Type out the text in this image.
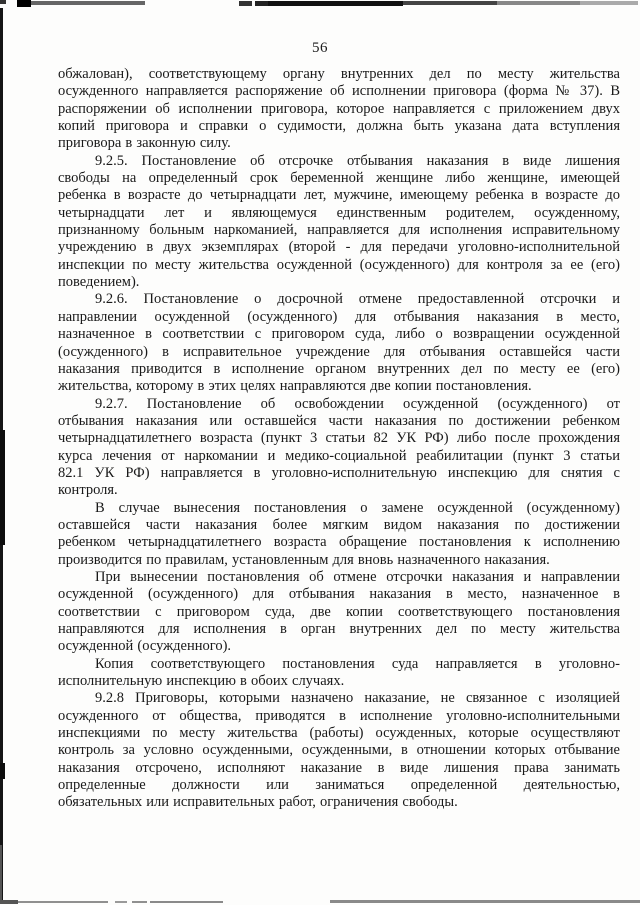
56
обжалован), соответствующему органу внутренних дел по месту жительства
осужденного направляется распоряжение об исполнении приговора (форма № 37). В
распоряжении об исполнении приговора, которое направляется с приложением двух
копий приговора и справки о судимости, должна быть указана дата вступления
приговора в законную силу.
9.2.5. Постановление об отсрочке отбывания наказания в виде лишения
свободы на определенный срок беременной женщине либо женщине, имеющей
ребенка в возрасте до четырнадцати лет, мужчине, имеющему ребенка в возрасте до
четырнадцати лет и являющемуся единственным родителем, осужденному,
признанному больным наркоманией, направляется для исполнения исправительному
учреждению в двух экземплярах (второй - для передачи уголовно-исполнительной
инспекции по месту жительства осужденной (осужденного) для контроля за ее (его)
поведением).
9.2.6. Постановление о досрочной отмене предоставленной отсрочки и
направлении осужденной (осужденного) для отбывания наказания в место,
назначенное в соответствии с приговором суда, либо о возвращении осужденной
(осужденного) в исправительное учреждение для отбывания оставшейся части
наказания приводится в исполнение органом внутренних дел по месту ее (его)
жительства, которому в этих целях направляются две копии постановления.
9.2.7. Постановление об освобождении осужденной (осужденного) от
отбывания наказания или оставшейся части наказания по достижении ребенком
четырнадцатилетнего возраста (пункт 3 статьи 82 УК РФ) либо после прохождения
курса лечения от наркомании и медико-социальной реабилитации (пункт 3 статьи
82.1 УК РФ) направляется в уголовно-исполнительную инспекцию для снятия с
контроля.
В случае вынесения постановления о замене осужденной (осужденному)
оставшейся части наказания более мягким видом наказания по достижении
ребенком четырнадцатилетнего возраста обращение постановления к исполнению
производится по правилам, установленным для вновь назначенного наказания.
При вынесении постановления об отмене отсрочки наказания и направлении
осужденной (осужденного) для отбывания наказания в место, назначенное в
соответствии с приговором суда, две копии соответствующего постановления
направляются для исполнения в орган внутренних дел по месту жительства
осужденной (осужденного).
Копия соответствующего постановления суда направляется в уголовно-
исполнительную инспекцию в обоих случаях.
9.2.8 Приговоры, которыми назначено наказание, не связанное с изоляцией
осужденного от общества, приводятся в исполнение уголовно-исполнительными
инспекциями по месту жительства (работы) осужденных, которые осуществляют
контроль за условно осужденными, осужденными, в отношении которых отбывание
наказания отсрочено, исполняют наказание в виде лишения права занимать
определенные должности или заниматься определенной деятельностью,
обязательных или исправительных работ, ограничения свободы.
